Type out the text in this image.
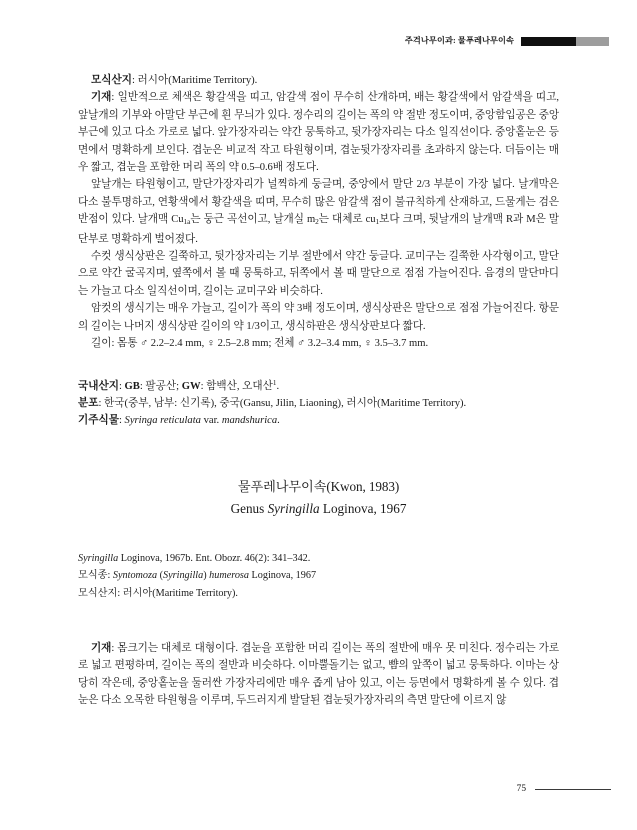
주걱나무이과: 물푸레나무이속

모식산지: 러시아(Maritime Territory).

기재: 일반적으로 체색은 황갈색을 띠고, 암갈색 점이 무수히 산개하며, 배는 황갈색에서 암갈색을 띠고, 앞날개의 기부와 아말단 부근에 흰 무늬가 있다. 정수리의 길이는 폭의 약 절반 정도이며, 중앙함입공은 중앙 부근에 있고 다소 가로로 넓다. 앞가장자리는 약간 뭉툭하고, 뒷가장자리는 다소 일직선이다. 중앙홑눈은 등면에서 명확하게 보인다. 겹눈은 비교적 작고 타원형이며, 겹눈뒷가장자리를 초과하지 않는다. 더듬이는 매우 짧고, 겹눈을 포함한 머리 폭의 약 0.5–0.6배 정도다.

앞날개는 타원형이고, 말단가장자리가 널찍하게 둥글며, 중앙에서 말단 2/3 부분이 가장 넓다. 날개막은 다소 불투명하고, 연황색에서 황갈색을 띠며, 무수히 많은 암갈색 점이 불규칙하게 산재하고, 드물게는 검은 반점이 있다. 날개맥 $Cu_{1a}$는 둥근 곡선이고, 날개실 $m_2$는 대체로 $cu_1$보다 크며, 뒷날개의 날개맥 R과 M은 말단부로 명확하게 벌어졌다.

수컷 생식상판은 길쭉하고, 뒷가장자리는 기부 절반에서 약간 둥글다. 교미구는 길쭉한 사각형이고, 말단으로 약간 굴곡지며, 옆쪽에서 볼 때 뭉툭하고, 뒤쪽에서 볼 때 말단으로 점점 가늘어진다. 음경의 말단마디는 가늘고 다소 일직선이며, 길이는 교미구와 비슷하다.

암컷의 생식기는 매우 가늘고, 길이가 폭의 약 3배 정도이며, 생식상판은 말단으로 점점 가늘어진다. 항문의 길이는 나머지 생식상판 길이의 약 1/3이고, 생식하판은 생식상판보다 짧다.

길이: 몸통 ♂ 2.2–2.4 mm, ♀ 2.5–2.8 mm; 전체 ♂ 3.2–3.4 mm, ♀ 3.5–3.7 mm.

국내산지: GB: 팔공산; GW: 함백산, 오대산$^1$.

분포: 한국(중부, 남부: 신기록), 중국(Gansu, Jilin, Liaoning), 러시아(Maritime Territory).

기주식물: Syringa reticulata var. mandshurica.

물푸레나무이속(Kwon, 1983)
Genus Syringilla Loginova, 1967

Syringilla Loginova, 1967b. Ent. Obozr. 46(2): 341–342.

모식종: Syntomoza (Syringilla) humerosa Loginova, 1967

모식산지: 러시아(Maritime Territory).

기재: 몸크기는 대체로 대형이다. 겹눈을 포함한 머리 길이는 폭의 절반에 매우 못 미친다. 정수리는 가로로 넓고 편평하며, 길이는 폭의 절반과 비슷하다. 이마뿔돌기는 없고, 뺨의 앞쪽이 넓고 뭉툭하다. 이마는 상당히 작은데, 중앙홑눈을 둘러싼 가장자리에만 매우 좁게 남아 있고, 이는 등면에서 명확하게 볼 수 있다. 겹눈은 다소 오목한 타원형을 이루며, 두드러지게 발달된 겹눈뒷가장자리의 측면 말단에 이르지 않

75
